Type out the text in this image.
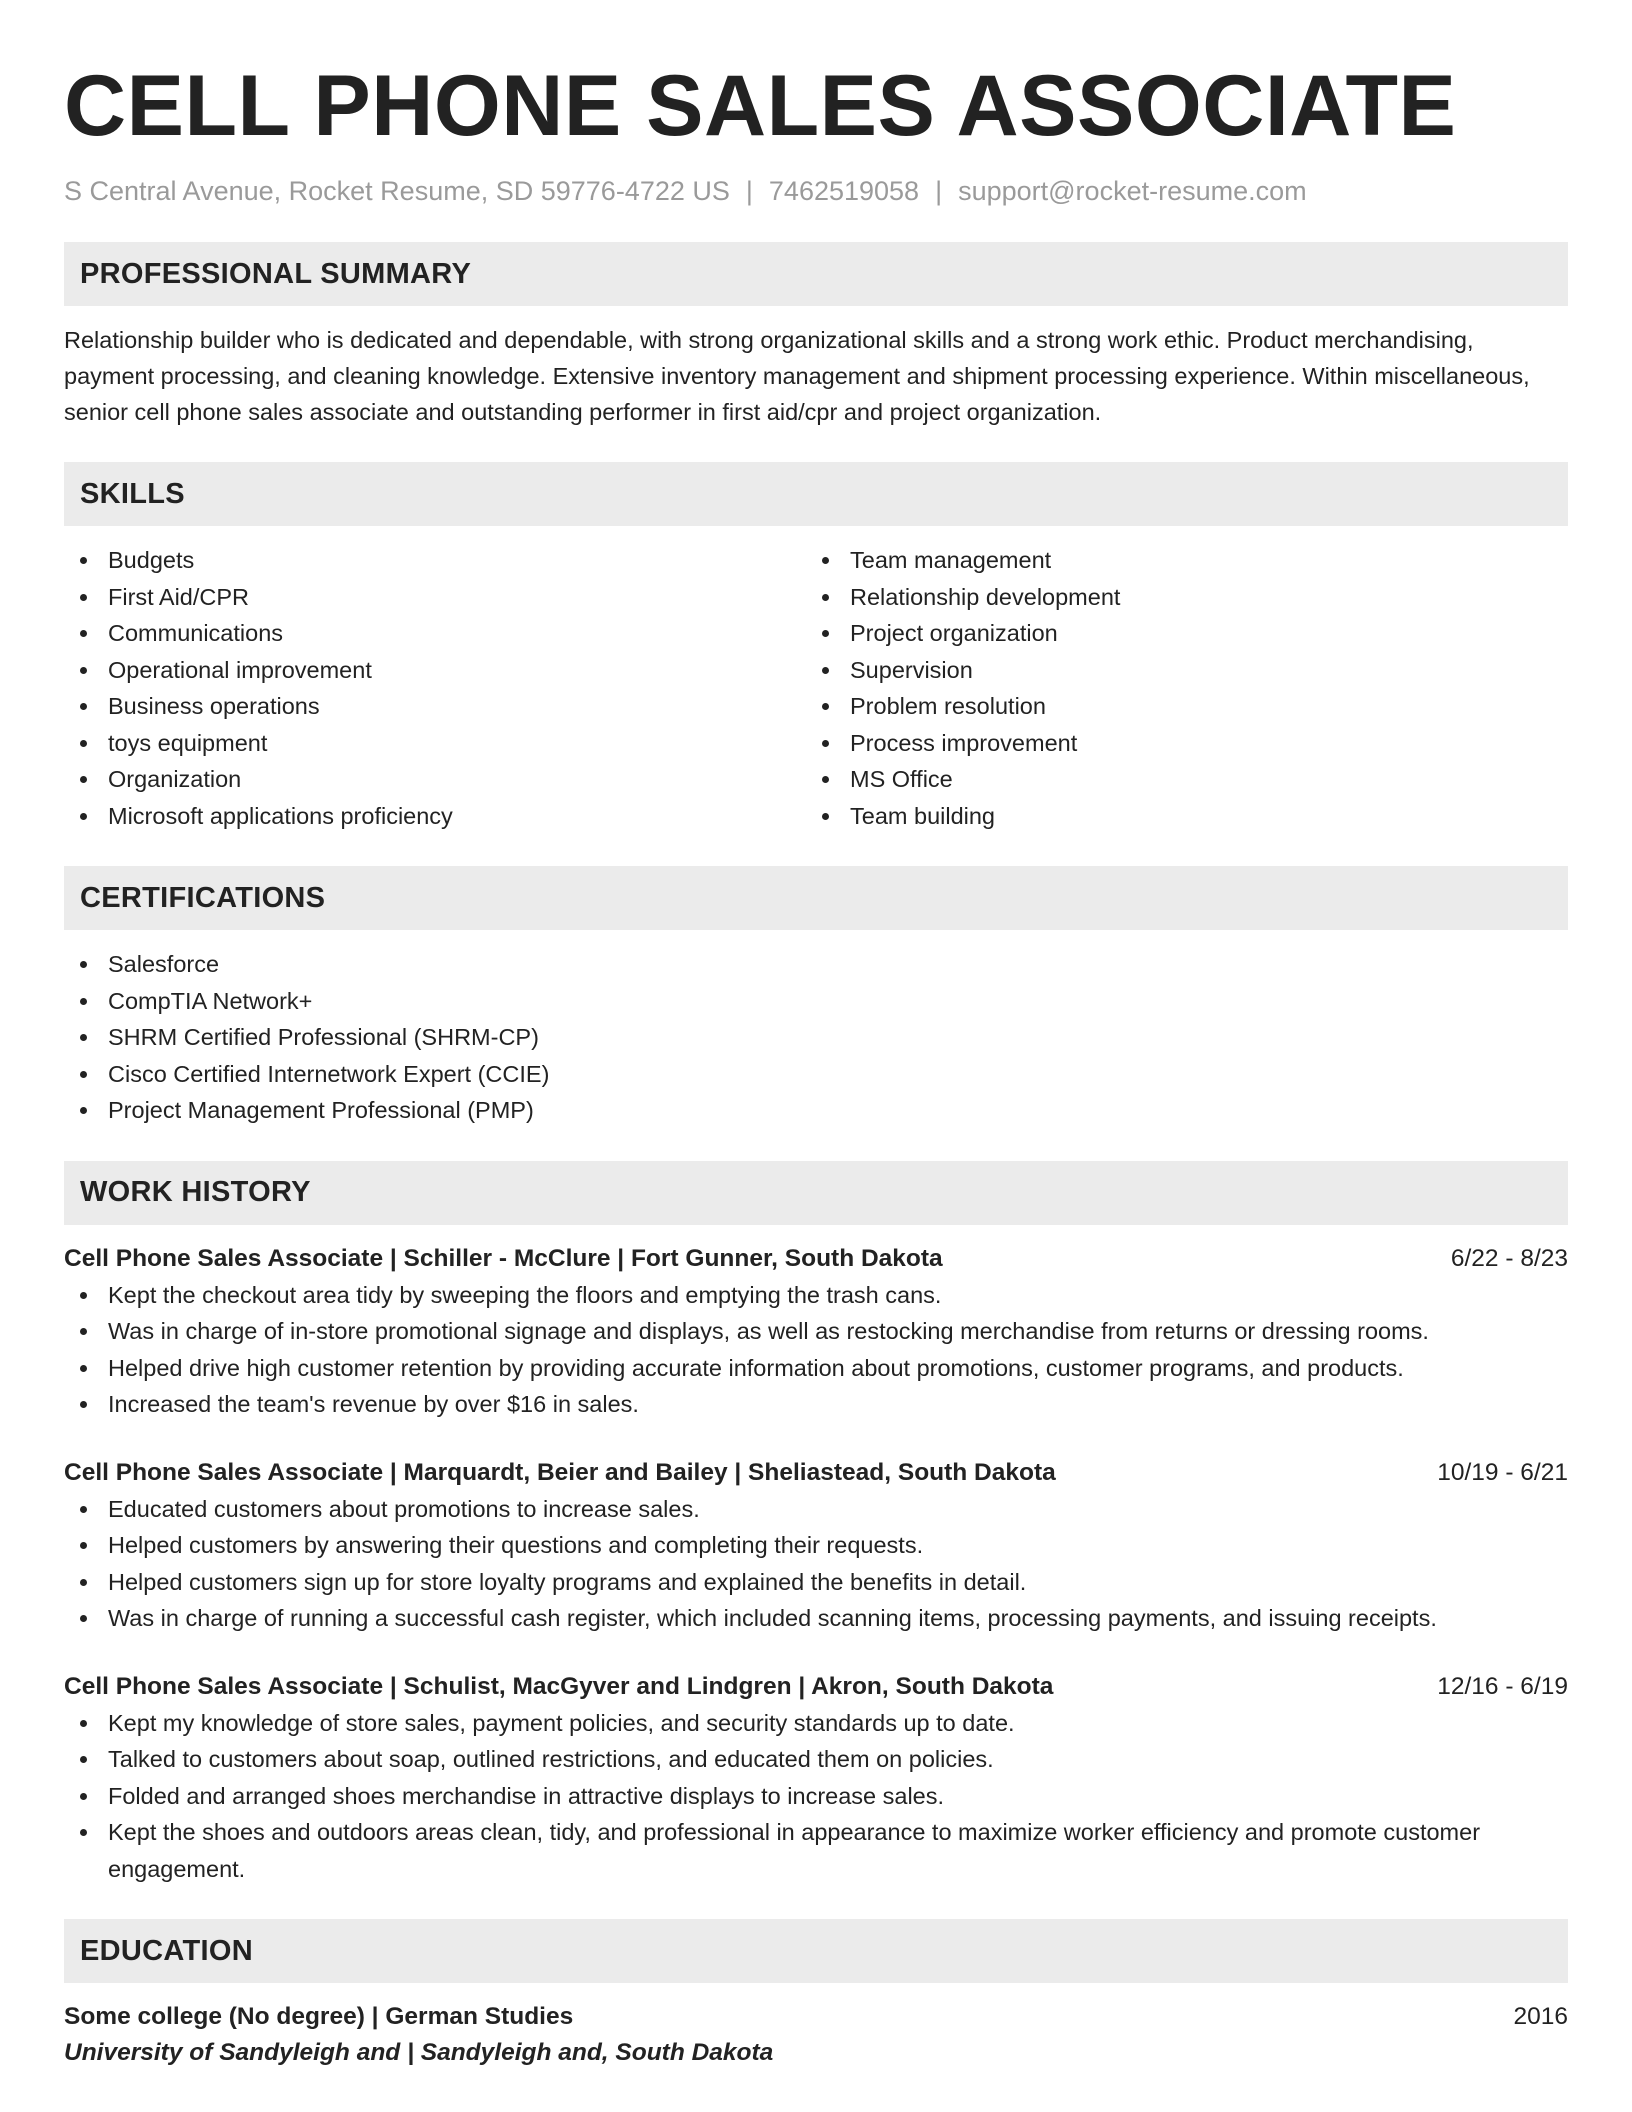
CELL PHONE SALES ASSOCIATE
S Central Avenue, Rocket Resume, SD 59776-4722 US | 7462519058 | support@rocket-resume.com
PROFESSIONAL SUMMARY

Relationship builder who is dedicated and dependable, with strong organizational skills and a strong work ethic. Product merchandising, payment processing, and cleaning knowledge. Extensive inventory management and shipment processing experience. Within miscellaneous, senior cell phone sales associate and outstanding performer in first aid/cpr and project organization.

SKILLS
Budgets
First Aid/CPR
Communications
Operational improvement
Business operations
toys equipment
Organization
Microsoft applications proficiency
Team management
Relationship development
Project organization
Supervision
Problem resolution
Process improvement
MS Office
Team building
CERTIFICATIONS
Salesforce
CompTIA Network+
SHRM Certified Professional (SHRM-CP)
Cisco Certified Internetwork Expert (CCIE)
Project Management Professional (PMP)
WORK HISTORY
Cell Phone Sales Associate | Schiller - McClure | Fort Gunner, South Dakota	6/22 - 8/23
Kept the checkout area tidy by sweeping the floors and emptying the trash cans.
Was in charge of in-store promotional signage and displays, as well as restocking merchandise from returns or dressing rooms.
Helped drive high customer retention by providing accurate information about promotions, customer programs, and products.
Increased the team's revenue by over $16 in sales.
Cell Phone Sales Associate | Marquardt, Beier and Bailey | Sheliastead, South Dakota	10/19 - 6/21
Educated customers about promotions to increase sales.
Helped customers by answering their questions and completing their requests.
Helped customers sign up for store loyalty programs and explained the benefits in detail.
Was in charge of running a successful cash register, which included scanning items, processing payments, and issuing receipts.
Cell Phone Sales Associate | Schulist, MacGyver and Lindgren | Akron, South Dakota	12/16 - 6/19
Kept my knowledge of store sales, payment policies, and security standards up to date.
Talked to customers about soap, outlined restrictions, and educated them on policies.
Folded and arranged shoes merchandise in attractive displays to increase sales.
Kept the shoes and outdoors areas clean, tidy, and professional in appearance to maximize worker efficiency and promote customer engagement.
EDUCATION
Some college (No degree) | German Studies	2016
University of Sandyleigh and | Sandyleigh and, South Dakota
